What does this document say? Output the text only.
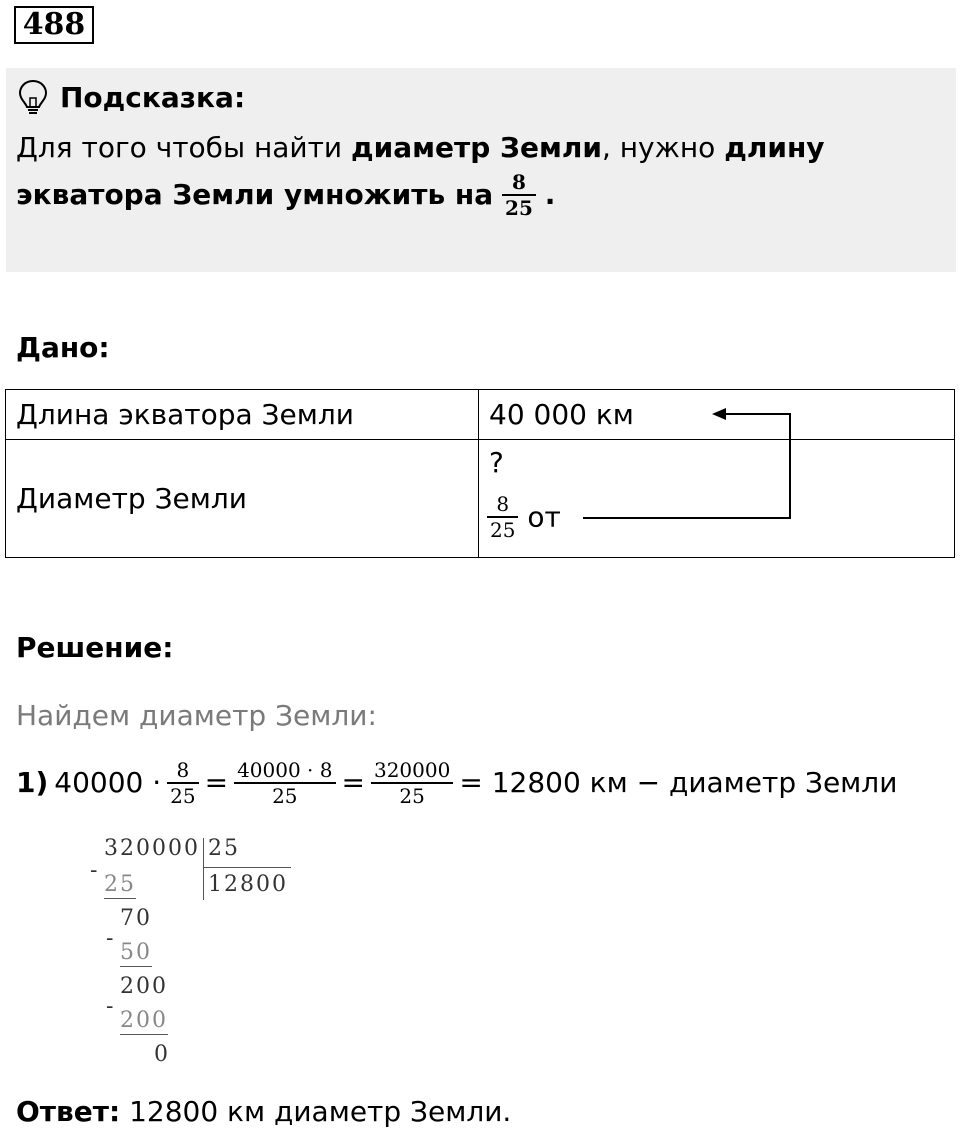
488
Подсказка:
Для того чтобы найти диаметр Земли, нужно длину
экватора Земли умножить на $\frac{8}{25}$ .
Дано:
Длина экватора Земли	40 000 км
Диаметр Земли	?
$\frac{8}{25}$ от
Решение:
Найдем диаметр Земли:
1) $40000 \cdot \frac{8}{25} = \frac{40000 \cdot 8}{25} = \frac{320000}{25} = 12800$ км − диаметр Земли
320000 25
12800
-
25
70
-
50
200
-
200
0
Ответ: 12800 км диаметр Земли.
